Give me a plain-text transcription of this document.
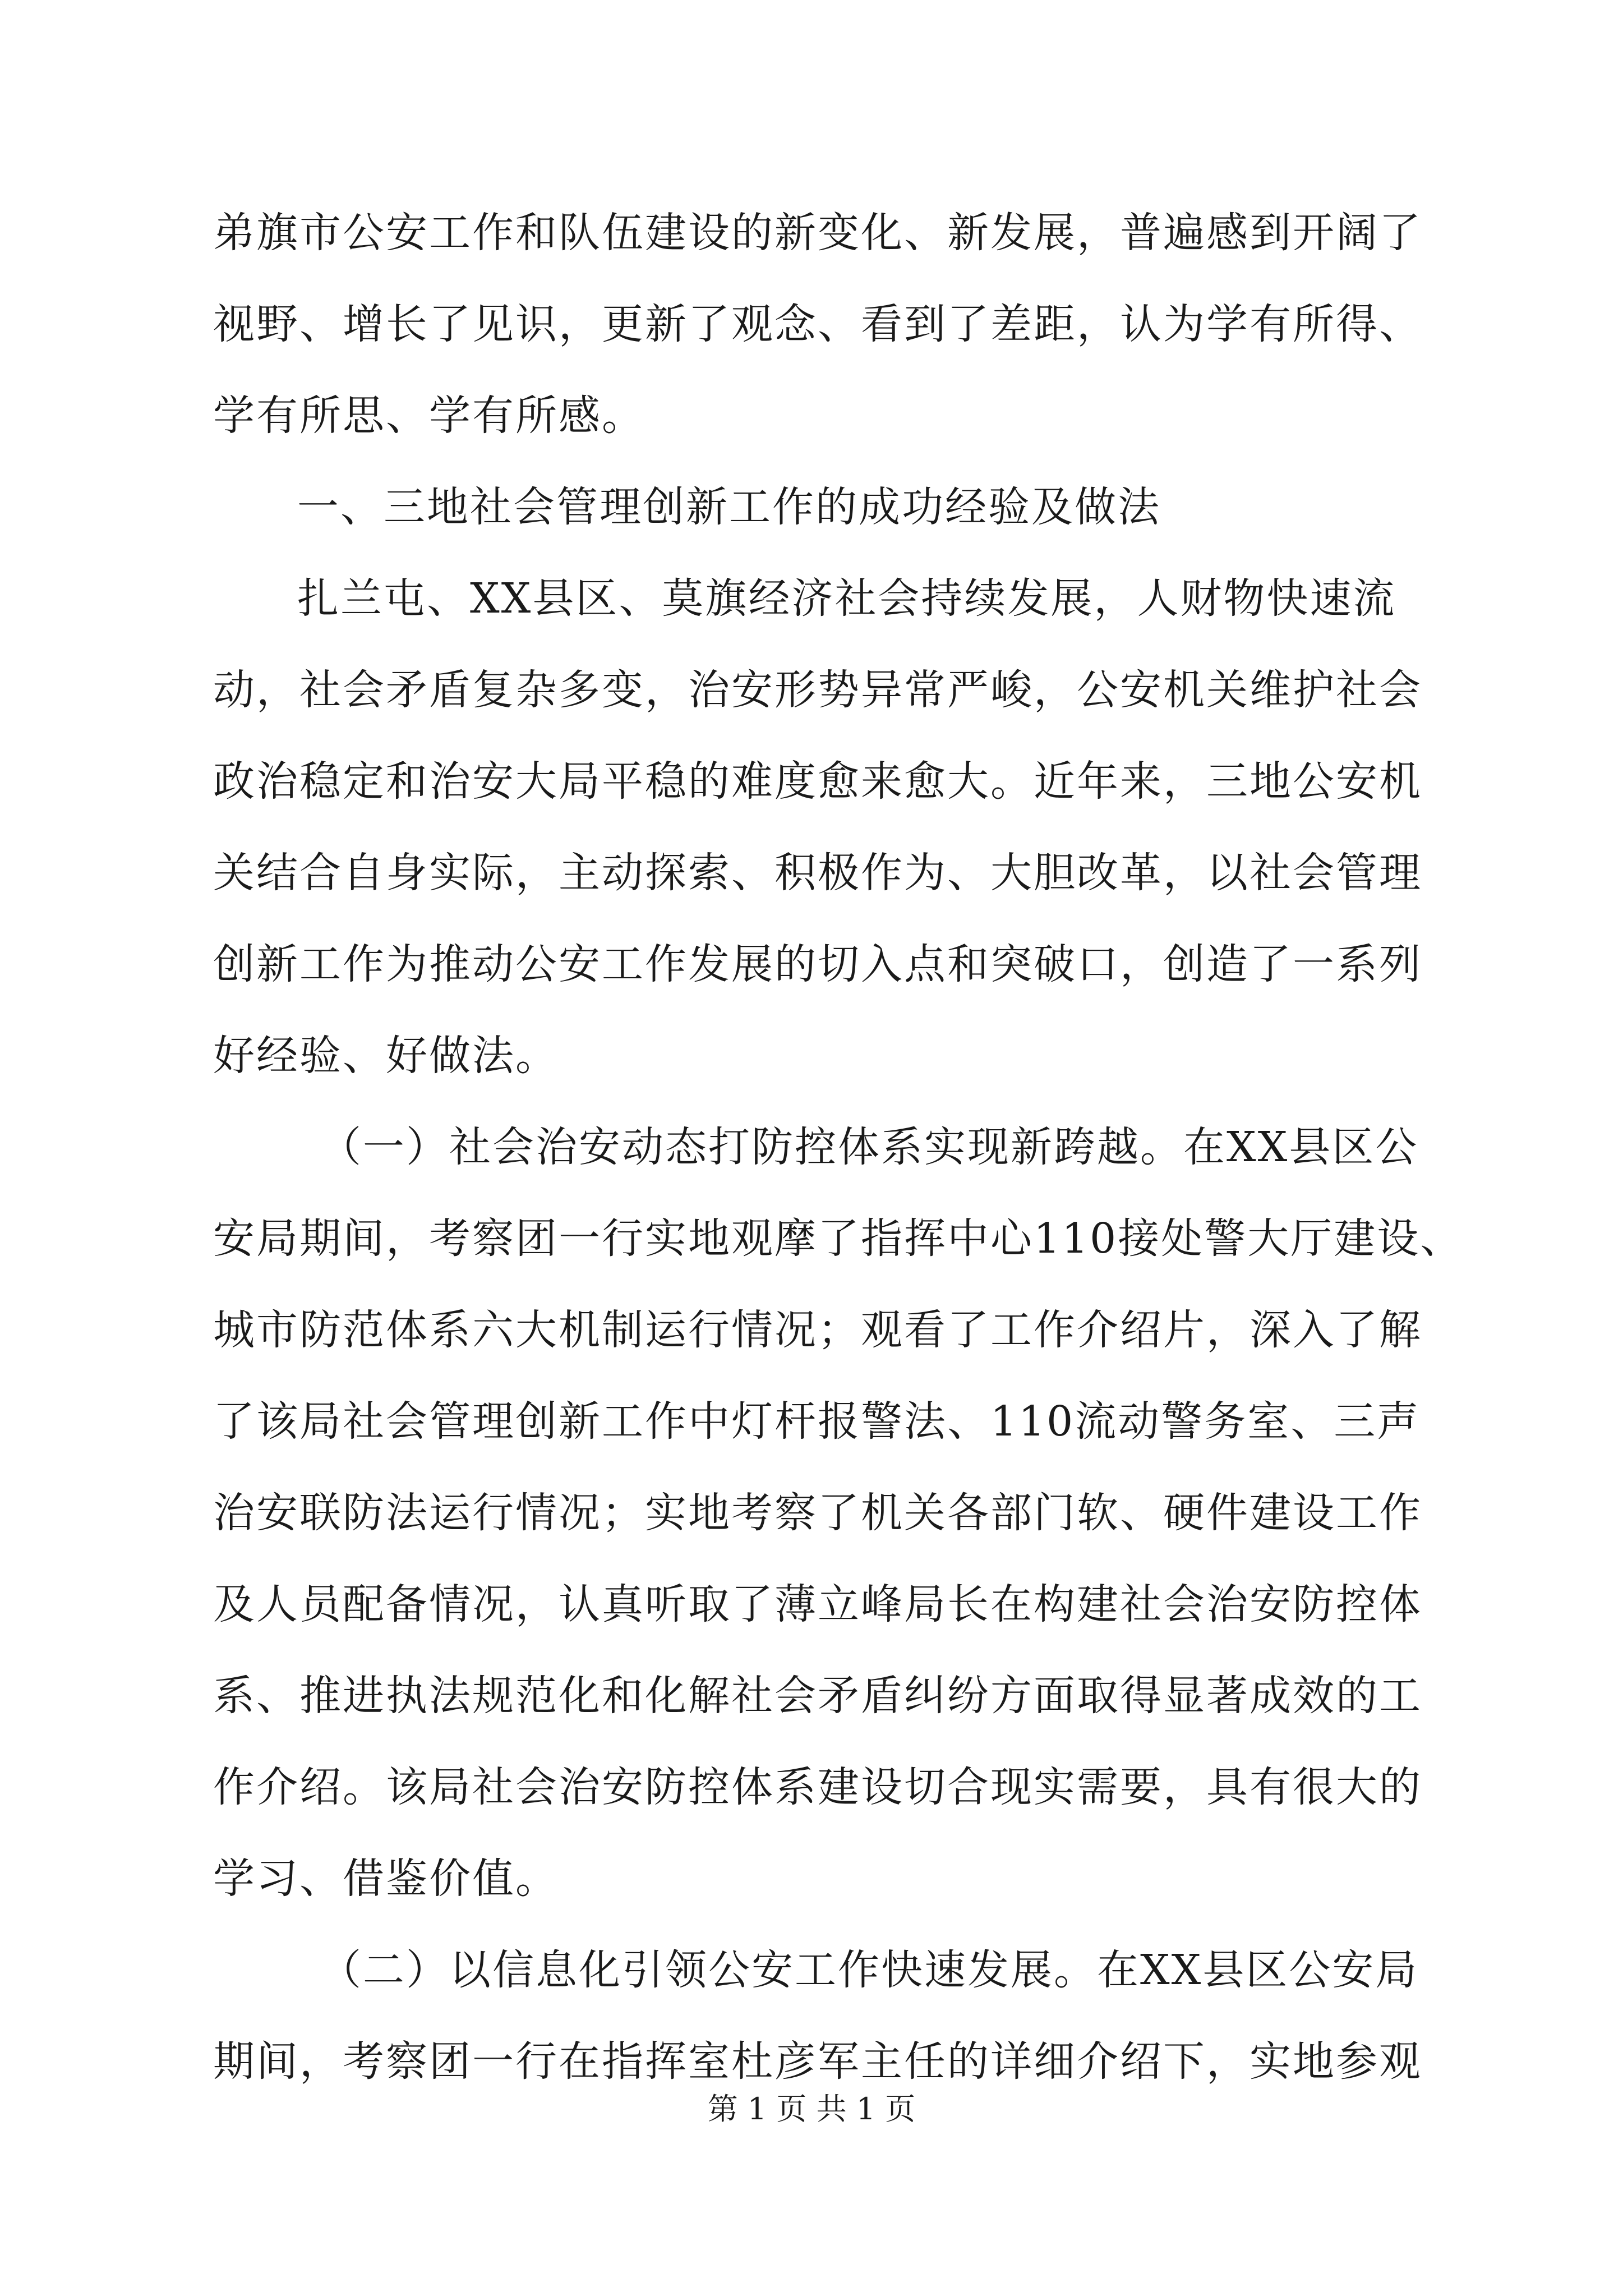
弟旗市公安工作和队伍建设的新变化、新发展，普遍感到开阔了
视野、增长了见识，更新了观念、看到了差距，认为学有所得、
学有所思、学有所感。
一、三地社会管理创新工作的成功经验及做法
扎兰屯、XX县区、莫旗经济社会持续发展，人财物快速流
动，社会矛盾复杂多变，治安形势异常严峻，公安机关维护社会
政治稳定和治安大局平稳的难度愈来愈大。近年来，三地公安机
关结合自身实际，主动探索、积极作为、大胆改革，以社会管理
创新工作为推动公安工作发展的切入点和突破口，创造了一系列
好经验、好做法。
（一）社会治安动态打防控体系实现新跨越。在XX县区公
安局期间，考察团一行实地观摩了指挥中心110接处警大厅建设、
城市防范体系六大机制运行情况；观看了工作介绍片，深入了解
了该局社会管理创新工作中灯杆报警法、110流动警务室、三声
治安联防法运行情况；实地考察了机关各部门软、硬件建设工作
及人员配备情况，认真听取了薄立峰局长在构建社会治安防控体
系、推进执法规范化和化解社会矛盾纠纷方面取得显著成效的工
作介绍。该局社会治安防控体系建设切合现实需要，具有很大的
学习、借鉴价值。
（二）以信息化引领公安工作快速发展。在XX县区公安局
期间，考察团一行在指挥室杜彦军主任的详细介绍下，实地参观
第 1 页 共 1 页
